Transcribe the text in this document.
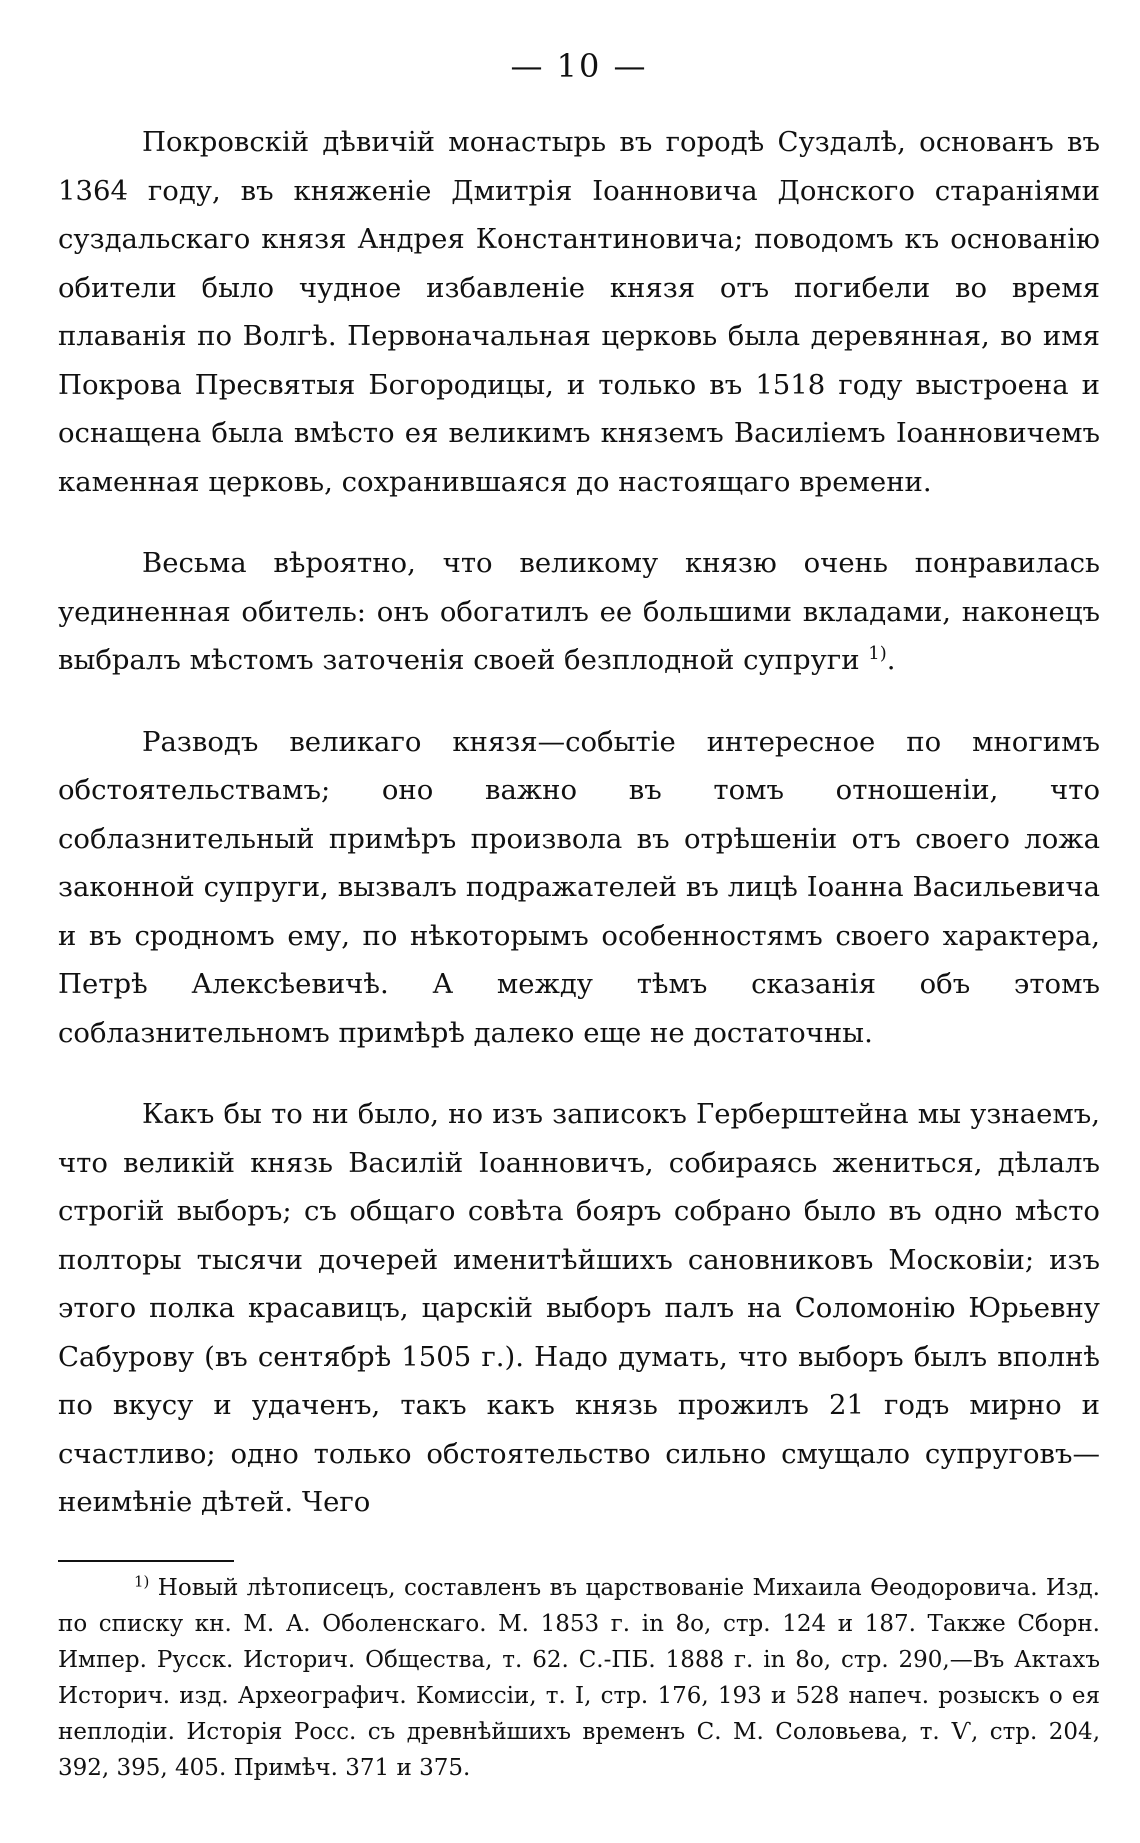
— 10 —

Покровскій дѣвичій монастырь въ городѣ Суздалѣ, основанъ въ 1364 году, въ княженіе Дмитрія Іоанновича Донского стараніями суздальскаго князя Андрея Константиновича; поводомъ къ основанію обители было чудное избавленіе князя отъ погибели во время плаванія по Волгѣ. Первоначальная церковь была деревянная, во имя Покрова Пресвятыя Богородицы, и только въ 1518 году выстроена и оснащена была вмѣсто ея великимъ княземъ Василіемъ Іоанновичемъ каменная церковь, сохранившаяся до настоящаго времени.

Весьма вѣроятно, что великому князю очень понравилась уединенная обитель: онъ обогатилъ ее большими вкладами, наконецъ выбралъ мѣстомъ заточенія своей безплодной супруги $^{1)}$.

Разводъ великаго князя—событіе интересное по многимъ обстоятельствамъ; оно важно въ томъ отношеніи, что соблазнительный примѣръ произвола въ отрѣшеніи отъ своего ложа законной супруги, вызвалъ подражателей въ лицѣ Іоанна Васильевича и въ сродномъ ему, по нѣкоторымъ особенностямъ своего характера, Петрѣ Алексѣевичѣ. А между тѣмъ сказанія объ этомъ соблазнительномъ примѣрѣ далеко еще не достаточны.

Какъ бы то ни было, но изъ записокъ Герберштейна мы узнаемъ, что великій князь Василій Іоанновичъ, собираясь жениться, дѣлалъ строгій выборъ; съ общаго совѣта бояръ собрано было въ одно мѣсто полторы тысячи дочерей именитѣйшихъ сановниковъ Московіи; изъ этого полка красавицъ, царскій выборъ палъ на Соломонію Юрьевну Сабурову (въ сентябрѣ 1505 г.). Надо думать, что выборъ былъ вполнѣ по вкусу и удаченъ, такъ какъ князь прожилъ 21 годъ мирно и счастливо; одно только обстоятельство сильно смущало супруговъ—неимѣніе дѣтей. Чего

$^{1)}$ Новый лѣтописецъ, составленъ въ царствованіе Михаила Ѳеодоровича. Изд. по списку кн. М. А. Оболенскаго. М. 1853 г. in 8о, стр. 124 и 187. Также Сборн. Импер. Русск. Историч. Общества, т. 62. С.-ПБ. 1888 г. in 8о, стр. 290,—Въ Актахъ Историч. изд. Археографич. Комиссіи, т. I, стр. 176, 193 и 528 напеч. розыскъ о ея неплодіи. Исторія Росс. съ древнѣйшихъ временъ С. М. Соловьева, т. Ѵ, стр. 204, 392, 395, 405. Примѣч. 371 и 375.
